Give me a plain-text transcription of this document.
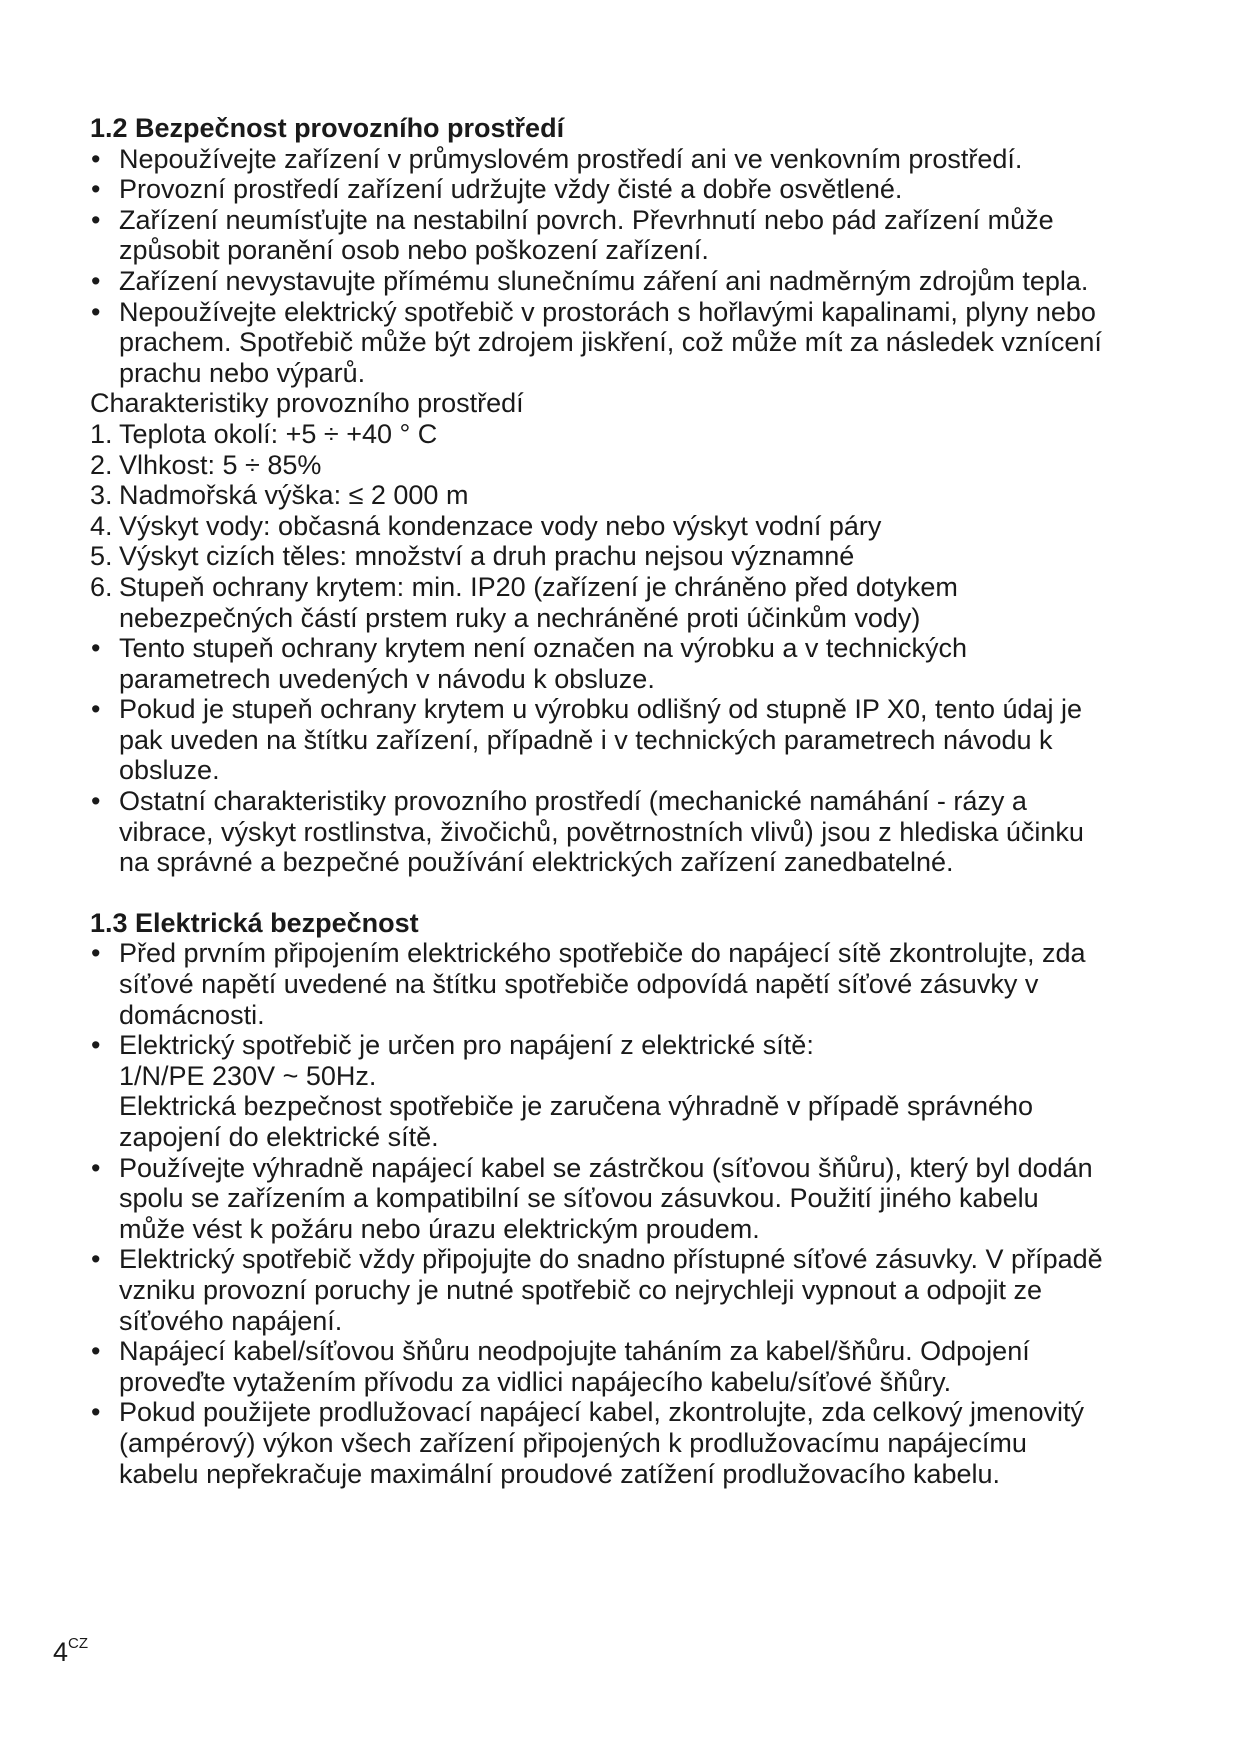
1.2 Bezpečnost provozního prostředí
• Nepoužívejte zařízení v průmyslovém prostředí ani ve venkovním prostředí.
• Provozní prostředí zařízení udržujte vždy čisté a dobře osvětlené.
• Zařízení neumísťujte na nestabilní povrch. Převrhnutí nebo pád zařízení může způsobit poranění osob nebo poškození zařízení.
• Zařízení nevystavujte přímému slunečnímu záření ani nadměrným zdrojům tepla.
• Nepoužívejte elektrický spotřebič v prostorách s hořlavými kapalinami, plyny nebo prachem. Spotřebič může být zdrojem jiskření, což může mít za následek vznícení prachu nebo výparů.
Charakteristiky provozního prostředí
1. Teplota okolí: +5 ÷ +40 ° C
2. Vlhkost: 5 ÷ 85%
3. Nadmořská výška: ≤ 2 000 m
4. Výskyt vody: občasná kondenzace vody nebo výskyt vodní páry
5. Výskyt cizích těles: množství a druh prachu nejsou významné
6. Stupeň ochrany krytem: min. IP20 (zařízení je chráněno před dotykem nebezpečných částí prstem ruky a nechráněné proti účinkům vody)
• Tento stupeň ochrany krytem není označen na výrobku a v technických parametrech uvedených v návodu k obsluze.
• Pokud je stupeň ochrany krytem u výrobku odlišný od stupně IP X0, tento údaj je pak uveden na štítku zařízení, případně i v technických parametrech návodu k obsluze.
• Ostatní charakteristiky provozního prostředí (mechanické namáhání - rázy a vibrace, výskyt rostlinstva, živočichů, povětrnostních vlivů) jsou z hlediska účinku na správné a bezpečné používání elektrických zařízení zanedbatelné.
1.3 Elektrická bezpečnost
• Před prvním připojením elektrického spotřebiče do napájecí sítě zkontrolujte, zda síťové napětí uvedené na štítku spotřebiče odpovídá napětí síťové zásuvky v domácnosti.
• Elektrický spotřebič je určen pro napájení z elektrické sítě:
1/N/PE 230V ~ 50Hz.
Elektrická bezpečnost spotřebiče je zaručena výhradně v případě správného zapojení do elektrické sítě.
• Používejte výhradně napájecí kabel se zástrčkou (síťovou šňůru), který byl dodán spolu se zařízením a kompatibilní se síťovou zásuvkou. Použití jiného kabelu může vést k požáru nebo úrazu elektrickým proudem.
• Elektrický spotřebič vždy připojujte do snadno přístupné síťové zásuvky. V případě vzniku provozní poruchy je nutné spotřebič co nejrychleji vypnout a odpojit ze síťového napájení.
• Napájecí kabel/síťovou šňůru neodpojujte taháním za kabel/šňůru. Odpojení proveďte vytažením přívodu za vidlici napájecího kabelu/síťové šňůry.
• Pokud použijete prodlužovací napájecí kabel, zkontrolujte, zda celkový jmenovitý (ampérový) výkon všech zařízení připojených k prodlužovacímu napájecímu kabelu nepřekračuje maximální proudové zatížení prodlužovacího kabelu.
$4^{CZ}$
